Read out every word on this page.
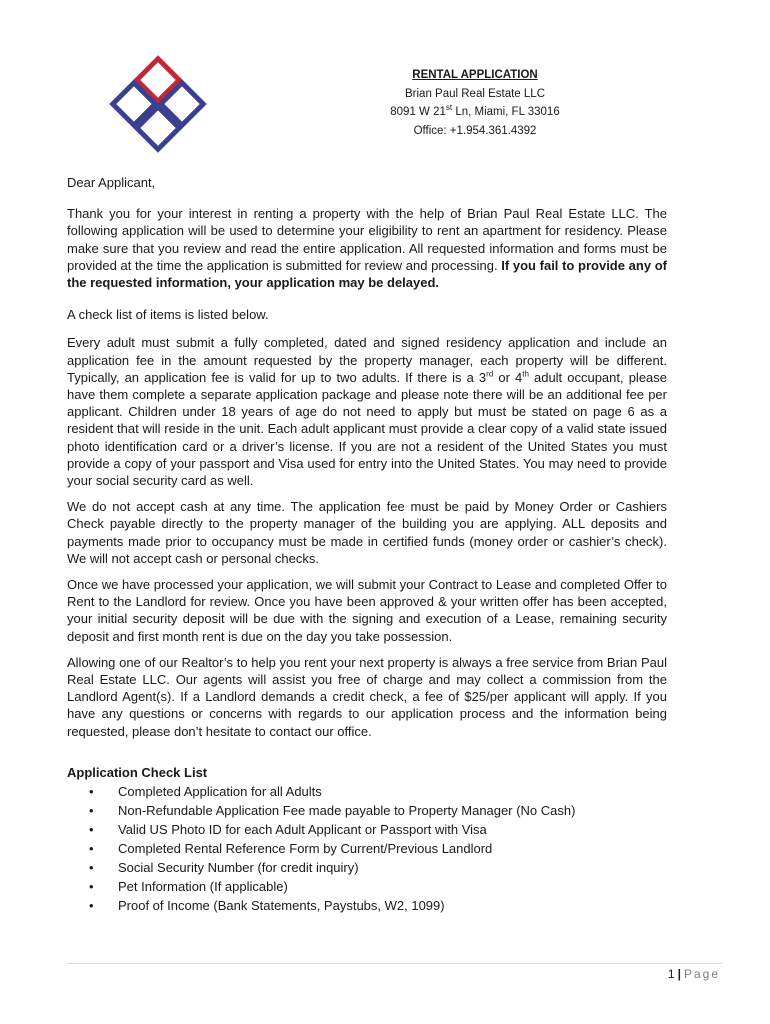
RENTAL APPLICATION
Brian Paul Real Estate LLC
8091 W 21st Ln, Miami, FL 33016
Office: +1.954.361.4392

Dear Applicant,

Thank you for your interest in renting a property with the help of Brian Paul Real Estate LLC. The following application will be used to determine your eligibility to rent an apartment for residency. Please make sure that you review and read the entire application. All requested information and forms must be provided at the time the application is submitted for review and processing. If you fail to provide any of the requested information, your application may be delayed.

A check list of items is listed below.

Every adult must submit a fully completed, dated and signed residency application and include an application fee in the amount requested by the property manager, each property will be different. Typically, an application fee is valid for up to two adults. If there is a 3rd or 4th adult occupant, please have them complete a separate application package and please note there will be an additional fee per applicant. Children under 18 years of age do not need to apply but must be stated on page 6 as a resident that will reside in the unit. Each adult applicant must provide a clear copy of a valid state issued photo identification card or a driver’s license. If you are not a resident of the United States you must provide a copy of your passport and Visa used for entry into the United States. You may need to provide your social security card as well.

We do not accept cash at any time. The application fee must be paid by Money Order or Cashiers Check payable directly to the property manager of the building you are applying. ALL deposits and payments made prior to occupancy must be made in certified funds (money order or cashier’s check). We will not accept cash or personal checks.

Once we have processed your application, we will submit your Contract to Lease and completed Offer to Rent to the Landlord for review. Once you have been approved & your written offer has been accepted, your initial security deposit will be due with the signing and execution of a Lease, remaining security deposit and first month rent is due on the day you take possession.

Allowing one of our Realtor’s to help you rent your next property is always a free service from Brian Paul Real Estate LLC. Our agents will assist you free of charge and may collect a commission from the Landlord Agent(s). If a Landlord demands a credit check, a fee of $25/per applicant will apply. If you have any questions or concerns with regards to our application process and the information being requested, please don’t hesitate to contact our office.

Application Check List

• Completed Application for all Adults
• Non-Refundable Application Fee made payable to Property Manager (No Cash)
• Valid US Photo ID for each Adult Applicant or Passport with Visa
• Completed Rental Reference Form by Current/Previous Landlord
• Social Security Number (for credit inquiry)
• Pet Information (If applicable)
• Proof of Income (Bank Statements, Paystubs, W2, 1099)
1 | Page
